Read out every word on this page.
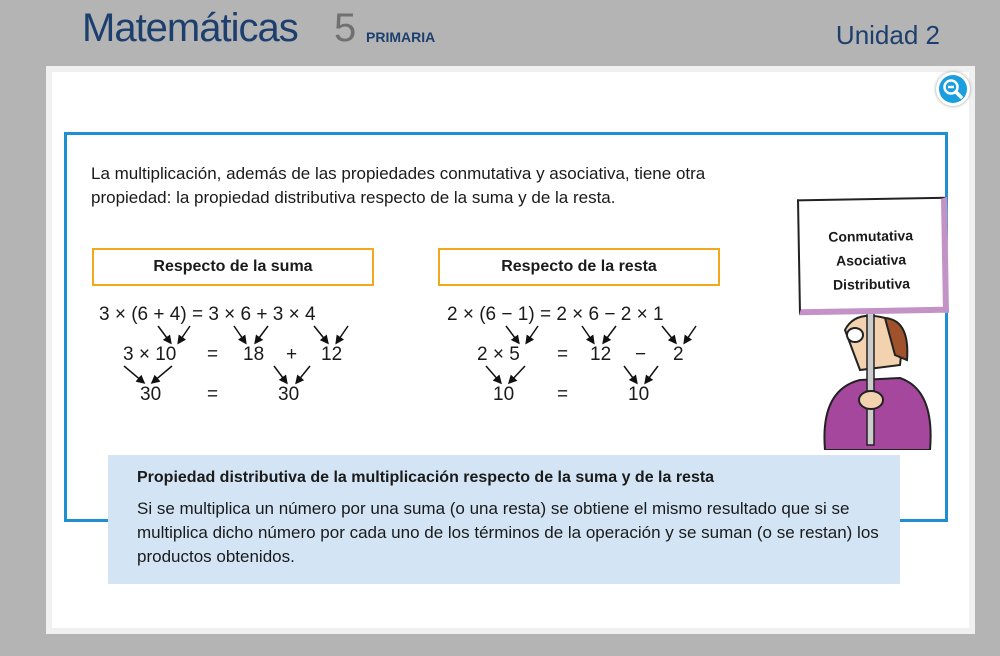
Matemáticas 5 PRIMARIA	Unidad 2
La multiplicación, además de las propiedades conmutativa y asociativa, tiene otra propiedad: la propiedad distributiva respecto de la suma y de la resta.
Respecto de la suma	Respecto de la resta
3 × (6 + 4) = 3 × 6 + 3 × 4
3 × 10 = 18 + 12
30 =	30
2 × (6 − 1) = 2 × 6 − 2 × 1
2 × 5 = 12 − 2
10 =	10
Conmutativa
Asociativa
Distributiva
Propiedad distributiva de la multiplicación respecto de la suma y de la resta
Si se multiplica un número por una suma (o una resta) se obtiene el mismo resultado que si se multiplica dicho número por cada uno de los términos de la operación y se suman (o se restan) los productos obtenidos.
